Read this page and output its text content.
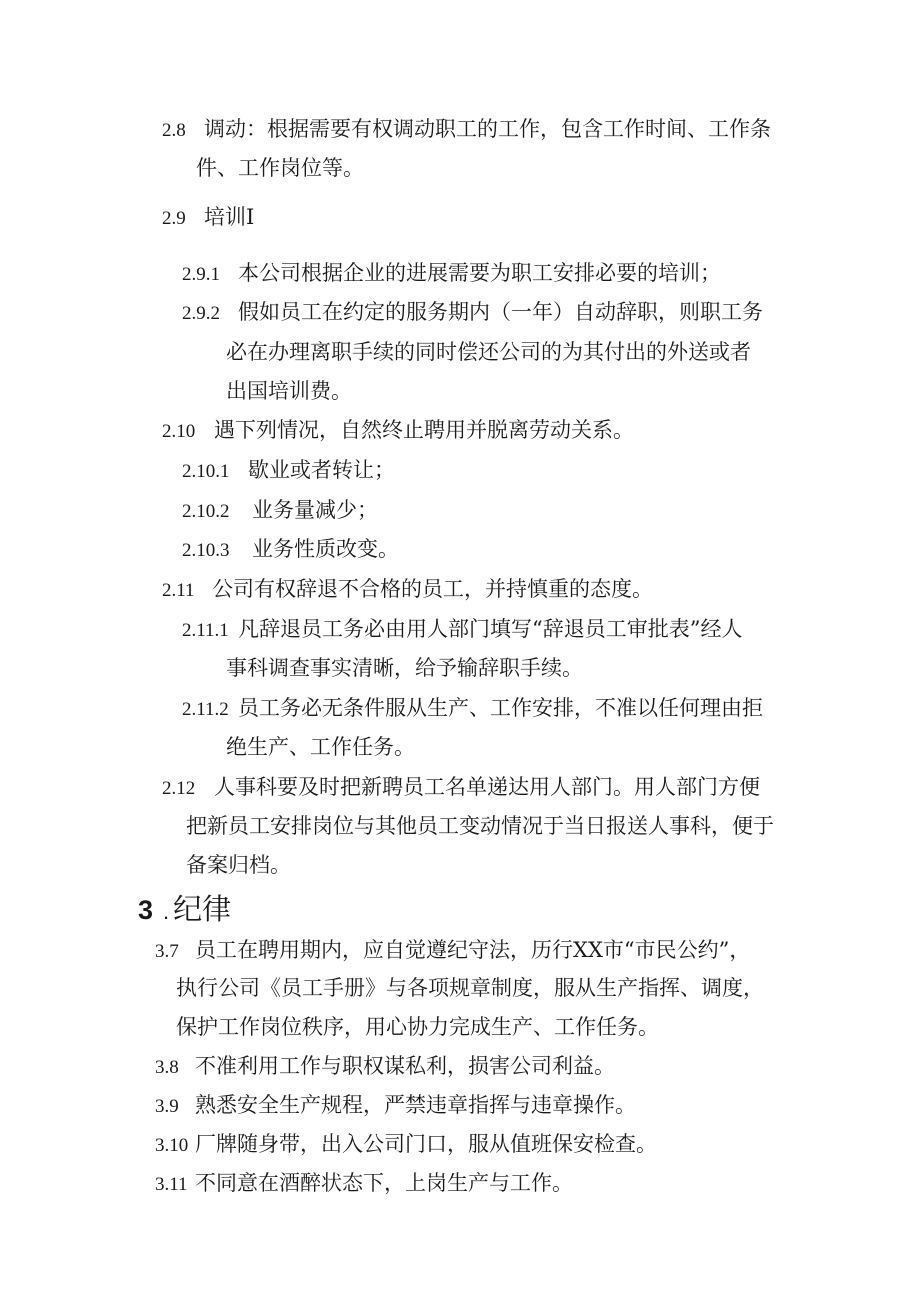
2.8 调动：根据需要有权调动职工的工作，包含工作时间、工作条
件、工作岗位等。
2.9 培训I
2.9.1 本公司根据企业的进展需要为职工安排必要的培训；
2.9.2 假如员工在约定的服务期内（一年）自动辞职，则职工务
必在办理离职手续的同时偿还公司的为其付出的外送或者
出国培训费。
2.10 遇下列情况，自然终止聘用并脱离劳动关系。
2.10.1 歇业或者转让；
2.10.2 业务量减少；
2.10.3 业务性质改变。
2.11 公司有权辞退不合格的员工，并持慎重的态度。
2.11.1 凡辞退员工务必由用人部门填写“辞退员工审批表”经人
事科调查事实清晰，给予输辞职手续。
2.11.2 员工务必无条件服从生产、工作安排，不准以任何理由拒
绝生产、工作任务。
2.12 人事科要及时把新聘员工名单递达用人部门。用人部门方便
把新员工安排岗位与其他员工变动情况于当日报送人事科，便于
备案归档。
3 . 纪律
3.7 员工在聘用期内，应自觉遵纪守法，历行XX市“市民公约”，
执行公司《员工手册》与各项规章制度，服从生产指挥、调度，
保护工作岗位秩序，用心协力完成生产、工作任务。
3.8 不准利用工作与职权谋私利，损害公司利益。
3.9 熟悉安全生产规程，严禁违章指挥与违章操作。
3.10 厂牌随身带，出入公司门口，服从值班保安检查。
3.11 不同意在酒醉状态下，上岗生产与工作。
